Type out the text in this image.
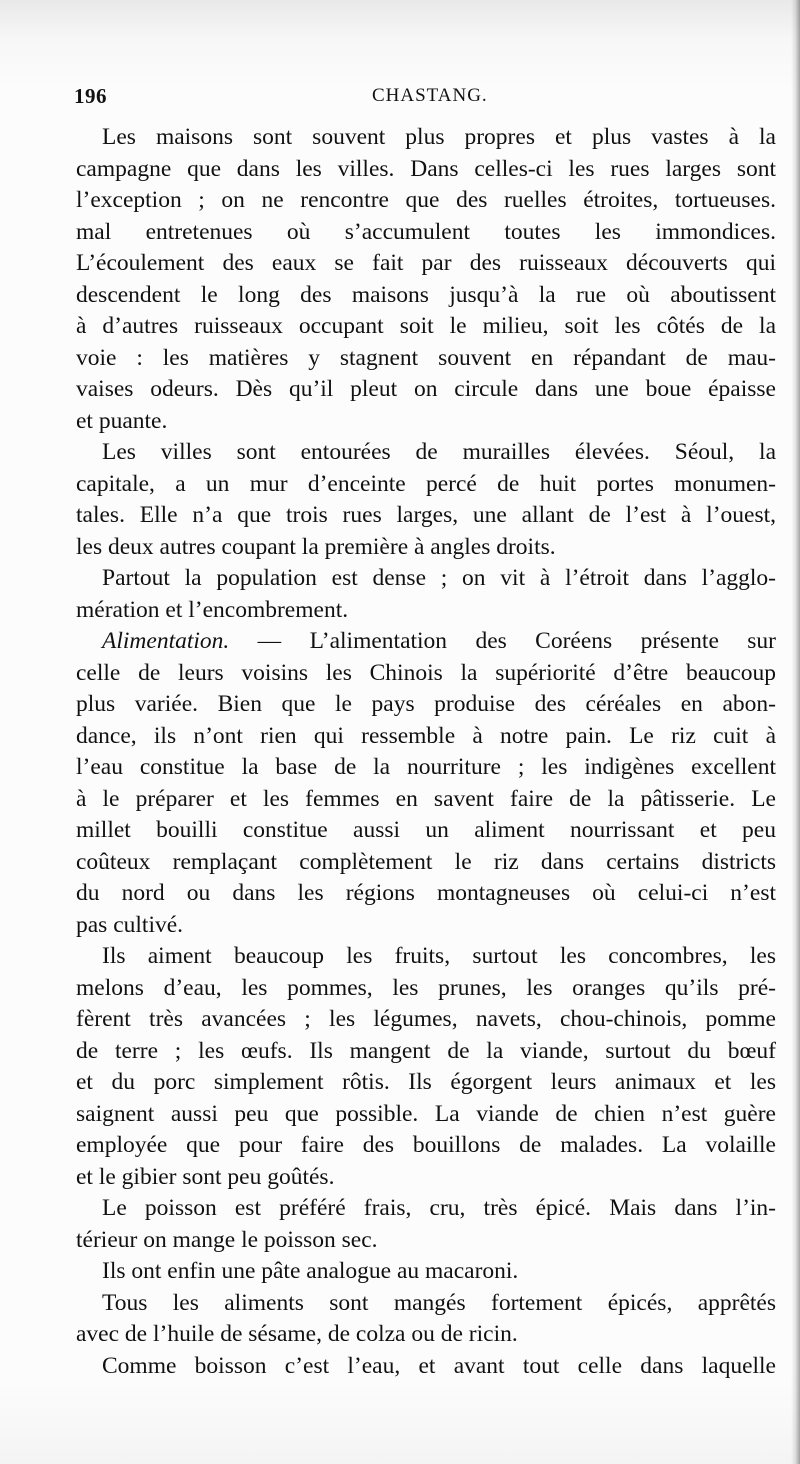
196	CHASTANG.
Les maisons sont souvent plus propres et plus vastes à la
campagne que dans les villes. Dans celles-ci les rues larges sont
l’exception ; on ne rencontre que des ruelles étroites, tortueuses.
mal entretenues où s’accumulent toutes les immondices.
L’écoulement des eaux se fait par des ruisseaux découverts qui
descendent le long des maisons jusqu’à la rue où aboutissent
à d’autres ruisseaux occupant soit le milieu, soit les côtés de la
voie : les matières y stagnent souvent en répandant de mau-
vaises odeurs. Dès qu’il pleut on circule dans une boue épaisse
et puante.
Les villes sont entourées de murailles élevées. Séoul, la
capitale, a un mur d’enceinte percé de huit portes monumen-
tales. Elle n’a que trois rues larges, une allant de l’est à l’ouest,
les deux autres coupant la première à angles droits.
Partout la population est dense ; on vit à l’étroit dans l’agglo-
mération et l’encombrement.
Alimentation. — L’alimentation des Coréens présente sur
celle de leurs voisins les Chinois la supériorité d’être beaucoup
plus variée. Bien que le pays produise des céréales en abon-
dance, ils n’ont rien qui ressemble à notre pain. Le riz cuit à
l’eau constitue la base de la nourriture ; les indigènes excellent
à le préparer et les femmes en savent faire de la pâtisserie. Le
millet bouilli constitue aussi un aliment nourrissant et peu
coûteux remplaçant complètement le riz dans certains districts
du nord ou dans les régions montagneuses où celui-ci n’est
pas cultivé.
Ils aiment beaucoup les fruits, surtout les concombres, les
melons d’eau, les pommes, les prunes, les oranges qu’ils pré-
fèrent très avancées ; les légumes, navets, chou-chinois, pomme
de terre ; les œufs. Ils mangent de la viande, surtout du bœuf
et du porc simplement rôtis. Ils égorgent leurs animaux et les
saignent aussi peu que possible. La viande de chien n’est guère
employée que pour faire des bouillons de malades. La volaille
et le gibier sont peu goûtés.
Le poisson est préféré frais, cru, très épicé. Mais dans l’in-
térieur on mange le poisson sec.
Ils ont enfin une pâte analogue au macaroni.
Tous les aliments sont mangés fortement épicés, apprêtés
avec de l’huile de sésame, de colza ou de ricin.
Comme boisson c’est l’eau, et avant tout celle dans laquelle
